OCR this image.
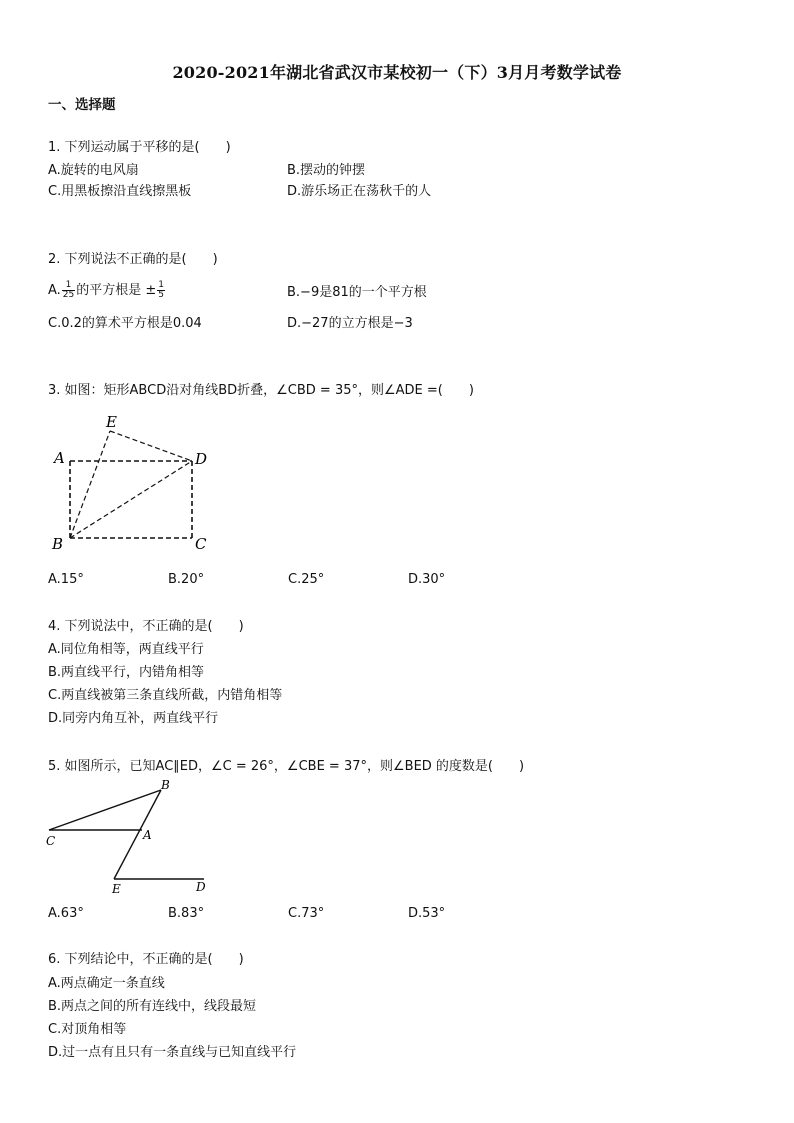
2020-2021年湖北省武汉市某校初一（下）3月月考数学试卷
一、选择题
1. 下列运动属于平移的是(　　)
A.旋转的电风扇	B.摆动的钟摆
C.用黑板擦沿直线擦黑板	D.游乐场正在荡秋千的人
2. 下列说法不正确的是(　　)
A. $\frac{1}{25}$ 的平方根是 ± $\frac{1}{5}$	B.−9是81的一个平方根
C.0.2的算术平方根是0.04	D.−27的立方根是−3
3. 如图：矩形ABCD沿对角线BD折叠，∠CBD = 35°，则∠ADE =(　　)
E
A	D
B	C
A.15°	B.20°	C.25°	D.30°
4. 下列说法中，不正确的是(　　)
A.同位角相等，两直线平行
B.两直线平行，内错角相等
C.两直线被第三条直线所截，内错角相等
D.同旁内角互补，两直线平行
5. 如图所示，已知AC∥ED，∠C = 26°，∠CBE = 37°，则∠BED 的度数是(　　)
B
C	A
E	D
A.63°	B.83°	C.73°	D.53°
6. 下列结论中，不正确的是(　　)
A.两点确定一条直线
B.两点之间的所有连线中，线段最短
C.对顶角相等
D.过一点有且只有一条直线与已知直线平行
